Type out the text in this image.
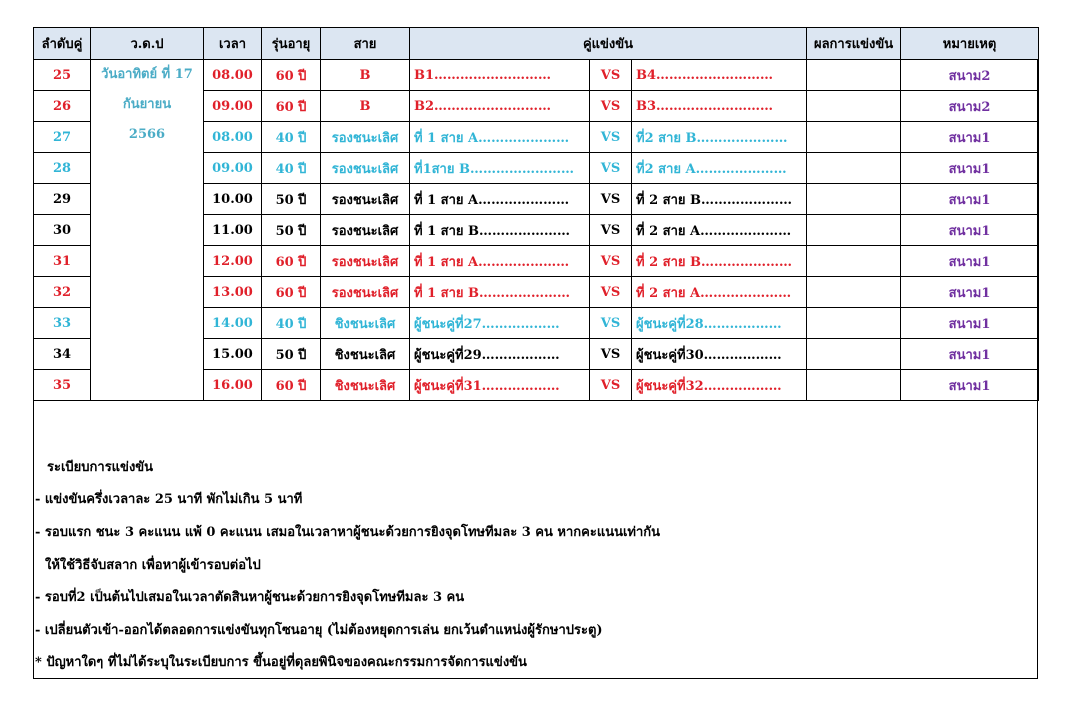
ลำดับคู่	ว.ด.ป	เวลา	รุ่นอายุ	สาย	คู่แข่งขัน			ผลการแข่งขัน	หมายเหตุ
25	วันอาทิตย์ ที่ 17
กันยายน
2566	08.00	60 ปี	B	B1………………………	VS	B4………………………		สนาม2
26		09.00	60 ปี	B	B2………………………	VS	B3………………………		สนาม2
27		08.00	40 ปี	รองชนะเลิศ	ที่ 1 สาย A…………………	VS	ที่2 สาย B…………………		สนาม1
28		09.00	40 ปี	รองชนะเลิศ	ที่1สาย B……………………	VS	ที่2 สาย A…………………		สนาม1
29		10.00	50 ปี	รองชนะเลิศ	ที่ 1 สาย A…………………	VS	ที่ 2 สาย B…………………		สนาม1
30		11.00	50 ปี	รองชนะเลิศ	ที่ 1 สาย B…………………	VS	ที่ 2 สาย A…………………		สนาม1
31		12.00	60 ปี	รองชนะเลิศ	ที่ 1 สาย A…………………	VS	ที่ 2 สาย B…………………		สนาม1
32		13.00	60 ปี	รองชนะเลิศ	ที่ 1 สาย B…………………	VS	ที่ 2 สาย A…………………		สนาม1
33		14.00	40 ปี	ชิงชนะเลิศ	ผู้ชนะคู่ที่27………………	VS	ผู้ชนะคู่ที่28………………		สนาม1
34		15.00	50 ปี	ชิงชนะเลิศ	ผู้ชนะคู่ที่29………………	VS	ผู้ชนะคู่ที่30………………		สนาม1
35		16.00	60 ปี	ชิงชนะเลิศ	ผู้ชนะคู่ที่31………………	VS	ผู้ชนะคู่ที่32………………		สนาม1
ระเบียบการแข่งขัน
- แข่งขันครึ่งเวลาละ 25 นาที พักไม่เกิน 5 นาที
- รอบแรก ชนะ 3 คะแนน แพ้ 0 คะแนน เสมอในเวลาหาผู้ชนะด้วยการยิงจุดโทษทีมละ 3 คน หากคะแนนเท่ากัน
ให้ใช้วิธีจับสลาก เพื่อหาผู้เข้ารอบต่อไป
- รอบที่2 เป็นต้นไปเสมอในเวลาตัดสินหาผู้ชนะด้วยการยิงจุดโทษทีมละ 3 คน
- เปลี่ยนตัวเข้า-ออกได้ตลอดการแข่งขันทุกโซนอายุ (ไม่ต้องหยุดการเล่น ยกเว้นตำแหน่งผู้รักษาประตู)
* ปัญหาใดๆ ที่ไม่ได้ระบุในระเบียบการ ขึ้นอยู่ที่ดุลยพินิจของคณะกรรมการจัดการแข่งขัน
